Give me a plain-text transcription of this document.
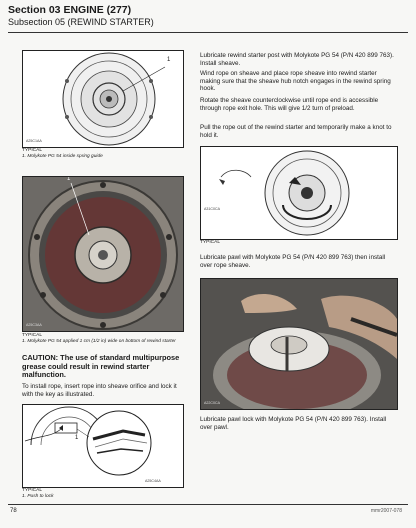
Section 03 ENGINE (277)
Subsection 05 (REWIND STARTER)
1
A25C1AA
TYPICAL
1. Molykote PG 54 inside spring guide
1
A25C3AA
TYPICAL
1. Molykote PG 54 applied 1 cm (1/2 in) wide on bottom of rewind starter
CAUTION: The use of standard multipurpose grease could result in rewind starter malfunction.
To install rope, insert rope into sheave orifice and lock it with the key as illustrated.
1
A25C4AA
TYPICAL
1. Push to lock
Lubricate rewind starter post with Molykote PG 54 (P/N 420 899 763). Install sheave.
Wind rope on sheave and place rope sheave into rewind starter making sure that the sheave hub notch engages in the rewind spring hook.
Rotate the sheave counterclockwise until rope end is accessible through rope exit hole. This will give 1/2 turn of preload.
Pull the rope out of the rewind starter and temporarily make a knot to hold it.
A31C0CA
TYPICAL
Lubricate pawl with Molykote PG 54 (P/N 420 899 763) then install over rope sheave.
A22C0CA
Lubricate pawl lock with Molykote PG 54 (P/N 420 899 763). Install over pawl.
78	mmr2007-078
